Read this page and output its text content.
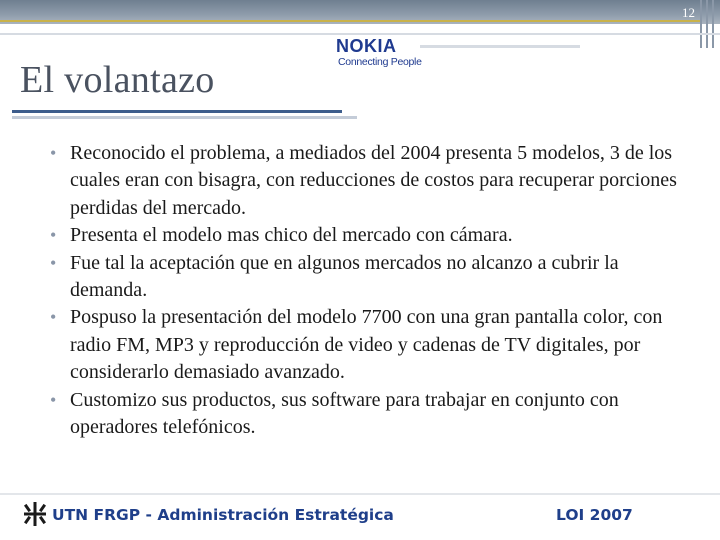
12
NOKIA
Connecting People
El volantazo
• Reconocido el problema, a mediados del 2004 presenta 5 modelos, 3 de los cuales eran con bisagra, con reducciones de costos para recuperar porciones perdidas del mercado.
• Presenta el modelo mas chico del mercado con cámara.
• Fue tal la aceptación que en algunos mercados no alcanzo a cubrir la demanda.
• Pospuso la presentación del modelo 7700 con una gran pantalla color, con radio FM, MP3 y reproducción de video y cadenas de TV digitales, por considerarlo demasiado avanzado.
• Customizo sus productos, sus software para trabajar en conjunto con operadores telefónicos.
UTN FRGP - Administración Estratégica	LOI 2007
